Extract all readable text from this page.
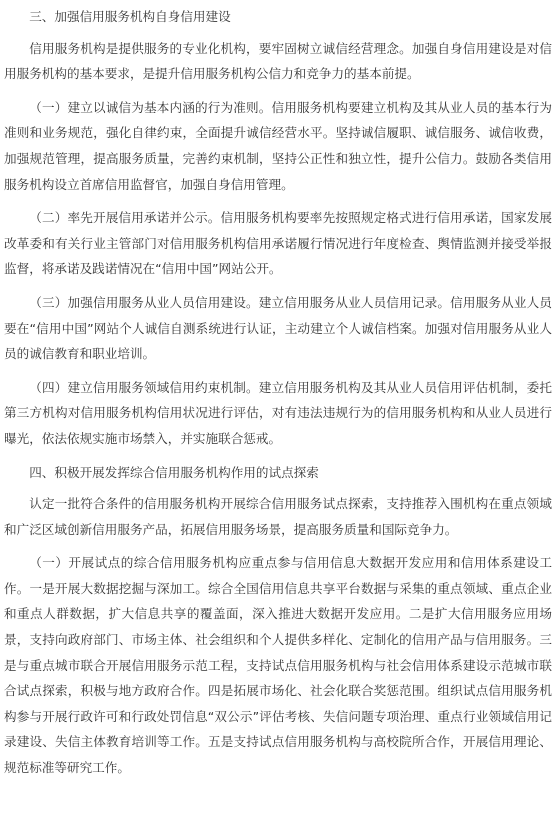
三、加强信用服务机构自身信用建设
信用服务机构是提供服务的专业化机构，要牢固树立诚信经营理念。加强自身信用建设是对信用服务机构的基本要求，是提升信用服务机构公信力和竞争力的基本前提。
（一）建立以诚信为基本内涵的行为准则。信用服务机构要建立机构及其从业人员的基本行为准则和业务规范，强化自律约束，全面提升诚信经营水平。坚持诚信履职、诚信服务、诚信收费，加强规范管理，提高服务质量，完善约束机制，坚持公正性和独立性，提升公信力。鼓励各类信用服务机构设立首席信用监督官，加强自身信用管理。
（二）率先开展信用承诺并公示。信用服务机构要率先按照规定格式进行信用承诺，国家发展改革委和有关行业主管部门对信用服务机构信用承诺履行情况进行年度检查、舆情监测并接受举报监督，将承诺及践诺情况在“信用中国”网站公开。
（三）加强信用服务从业人员信用建设。建立信用服务从业人员信用记录。信用服务从业人员要在“信用中国”网站个人诚信自测系统进行认证，主动建立个人诚信档案。加强对信用服务从业人员的诚信教育和职业培训。
（四）建立信用服务领域信用约束机制。建立信用服务机构及其从业人员信用评估机制，委托第三方机构对信用服务机构信用状况进行评估，对有违法违规行为的信用服务机构和从业人员进行曝光，依法依规实施市场禁入，并实施联合惩戒。
四、积极开展发挥综合信用服务机构作用的试点探索
认定一批符合条件的信用服务机构开展综合信用服务试点探索，支持推荐入围机构在重点领域和广泛区域创新信用服务产品，拓展信用服务场景，提高服务质量和国际竞争力。
（一）开展试点的综合信用服务机构应重点参与信用信息大数据开发应用和信用体系建设工作。一是开展大数据挖掘与深加工。综合全国信用信息共享平台数据与采集的重点领域、重点企业和重点人群数据，扩大信息共享的覆盖面，深入推进大数据开发应用。二是扩大信用服务应用场景，支持向政府部门、市场主体、社会组织和个人提供多样化、定制化的信用产品与信用服务。三是与重点城市联合开展信用服务示范工程，支持试点信用服务机构与社会信用体系建设示范城市联合试点探索，积极与地方政府合作。四是拓展市场化、社会化联合奖惩范围。组织试点信用服务机构参与开展行政许可和行政处罚信息“双公示”评估考核、失信问题专项治理、重点行业领域信用记录建设、失信主体教育培训等工作。五是支持试点信用服务机构与高校院所合作，开展信用理论、规范标准等研究工作。
